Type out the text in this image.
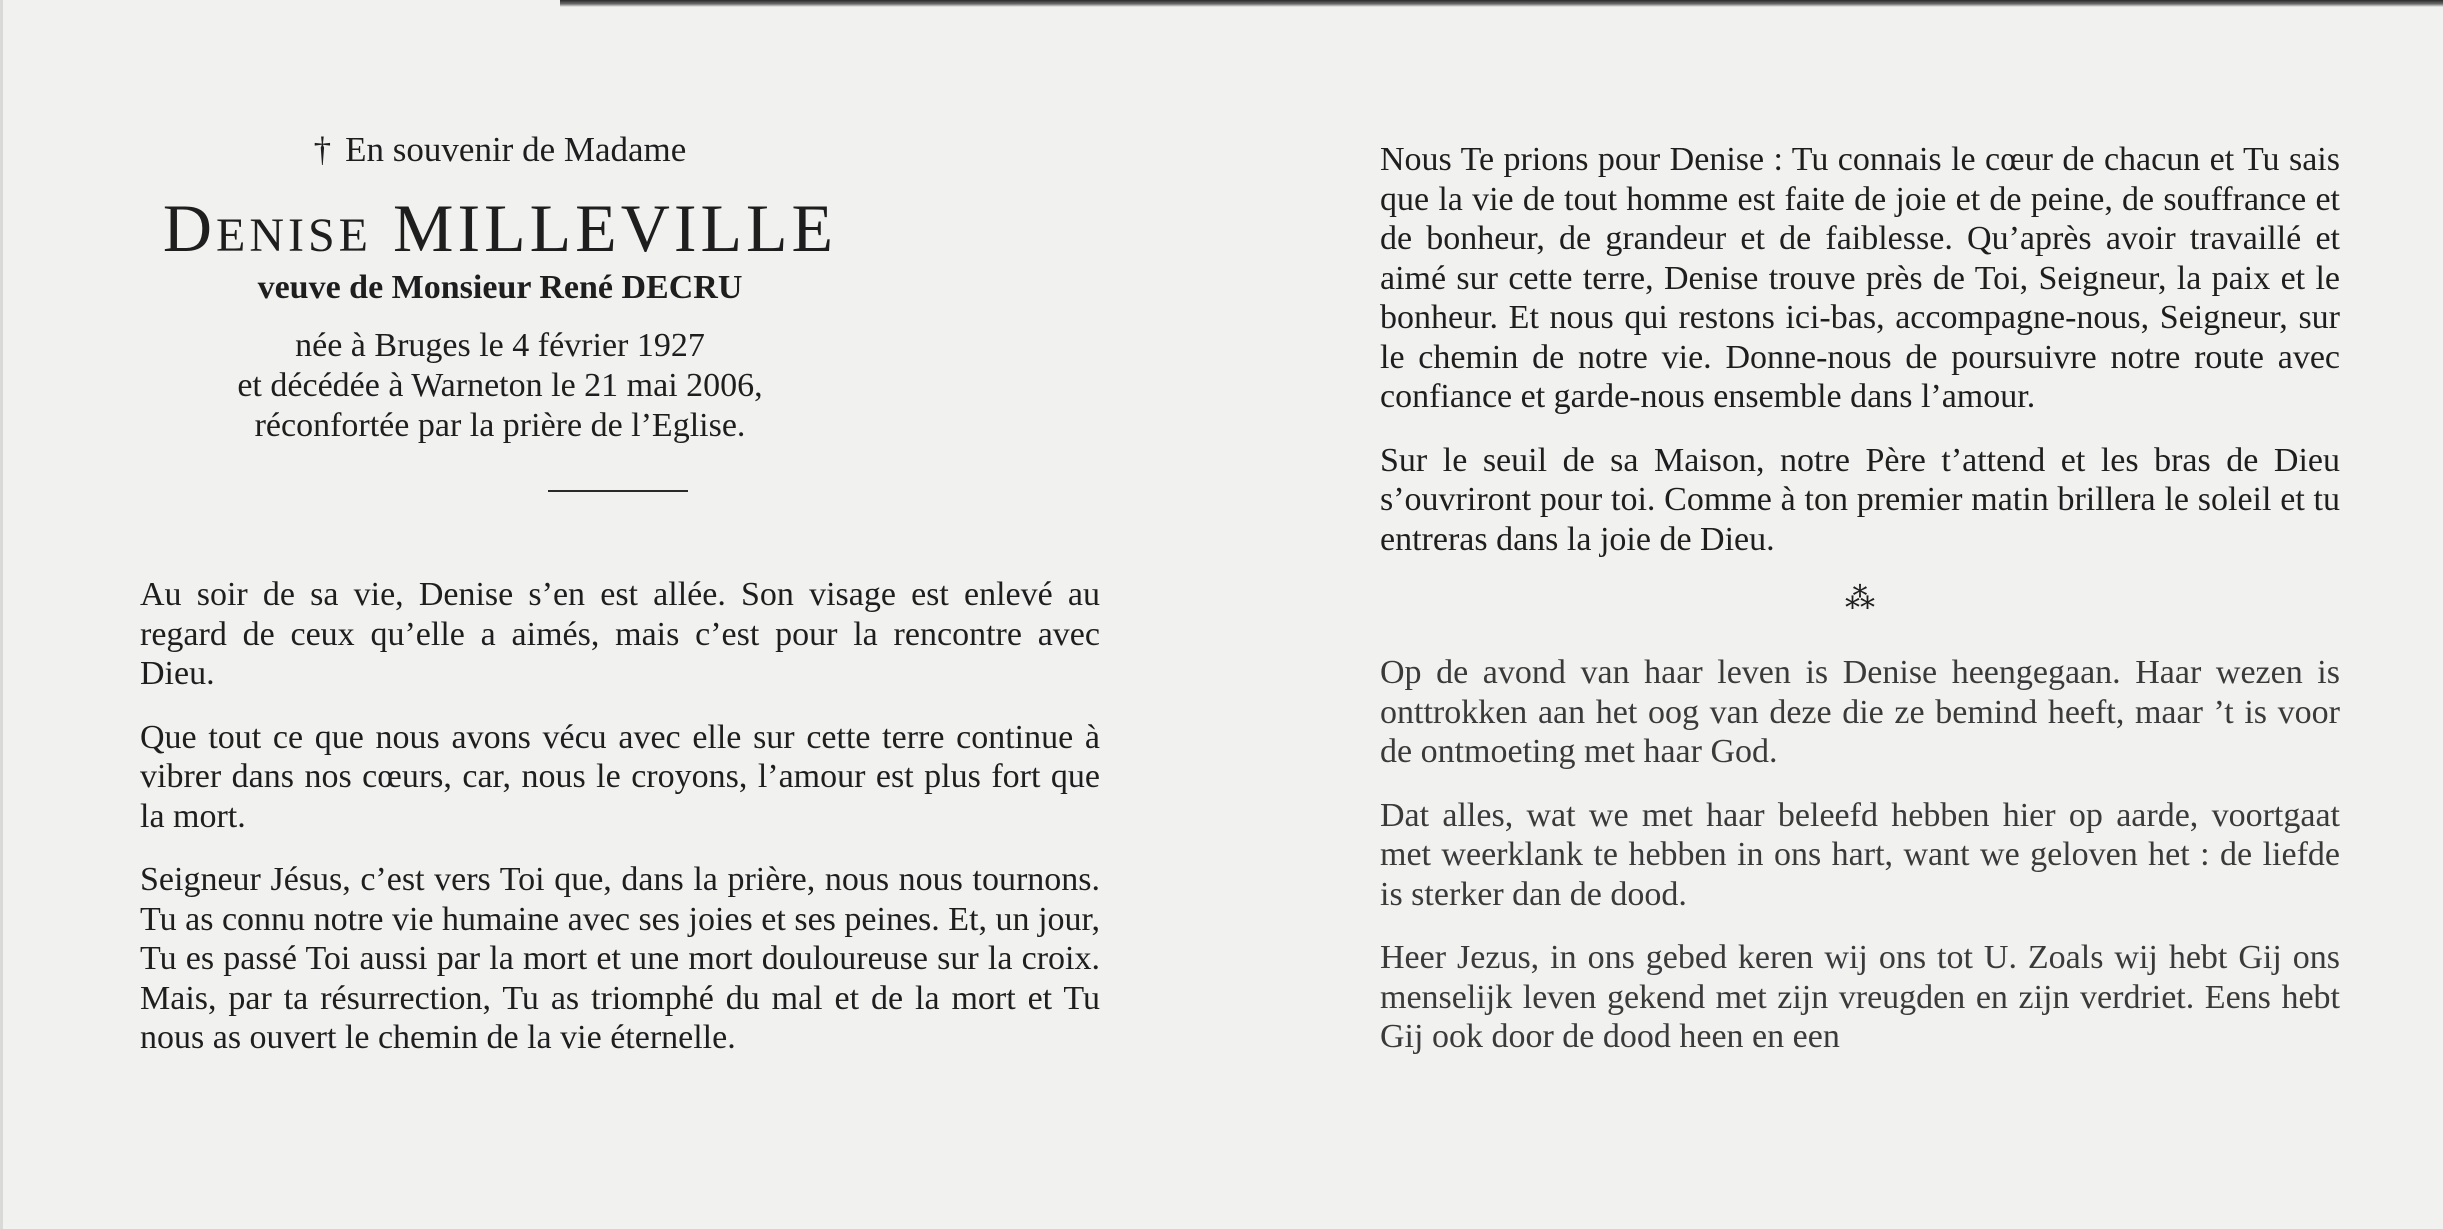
† En souvenir de Madame
Denise MILLEVILLE
veuve de Monsieur René DECRU
née à Bruges le 4 février 1927
et décédée à Warneton le 21 mai 2006,
réconfortée par la prière de l’Eglise.

Au soir de sa vie, Denise s’en est allée. Son visage est enlevé au regard de ceux qu’elle a aimés, mais c’est pour la rencontre avec Dieu.

Que tout ce que nous avons vécu avec elle sur cette terre continue à vibrer dans nos cœurs, car, nous le croyons, l’amour est plus fort que la mort.

Seigneur Jésus, c’est vers Toi que, dans la prière, nous nous tournons. Tu as connu notre vie humaine avec ses joies et ses peines. Et, un jour, Tu es passé Toi aussi par la mort et une mort douloureuse sur la croix. Mais, par ta résurrection, Tu as triomphé du mal et de la mort et Tu nous as ouvert le chemin de la vie éternelle.

Nous Te prions pour Denise : Tu connais le cœur de chacun et Tu sais que la vie de tout homme est faite de joie et de peine, de souffrance et de bonheur, de grandeur et de faiblesse. Qu’après avoir travaillé et aimé sur cette terre, Denise trouve près de Toi, Seigneur, la paix et le bonheur. Et nous qui restons ici-bas, accompagne-nous, Seigneur, sur le chemin de notre vie. Donne-nous de poursuivre notre route avec confiance et garde-nous ensemble dans l’amour.

Sur le seuil de sa Maison, notre Père t’attend et les bras de Dieu s’ouvriront pour toi. Comme à ton premier matin brillera le soleil et tu entreras dans la joie de Dieu.

⁂

Op de avond van haar leven is Denise heengegaan. Haar wezen is onttrokken aan het oog van deze die ze bemind heeft, maar ’t is voor de ontmoeting met haar God.

Dat alles, wat we met haar beleefd hebben hier op aarde, voortgaat met weerklank te hebben in ons hart, want we geloven het : de liefde is sterker dan de dood.

Heer Jezus, in ons gebed keren wij ons tot U. Zoals wij hebt Gij ons menselijk leven gekend met zijn vreugden en zijn verdriet. Eens hebt Gij ook door de dood heen en een
